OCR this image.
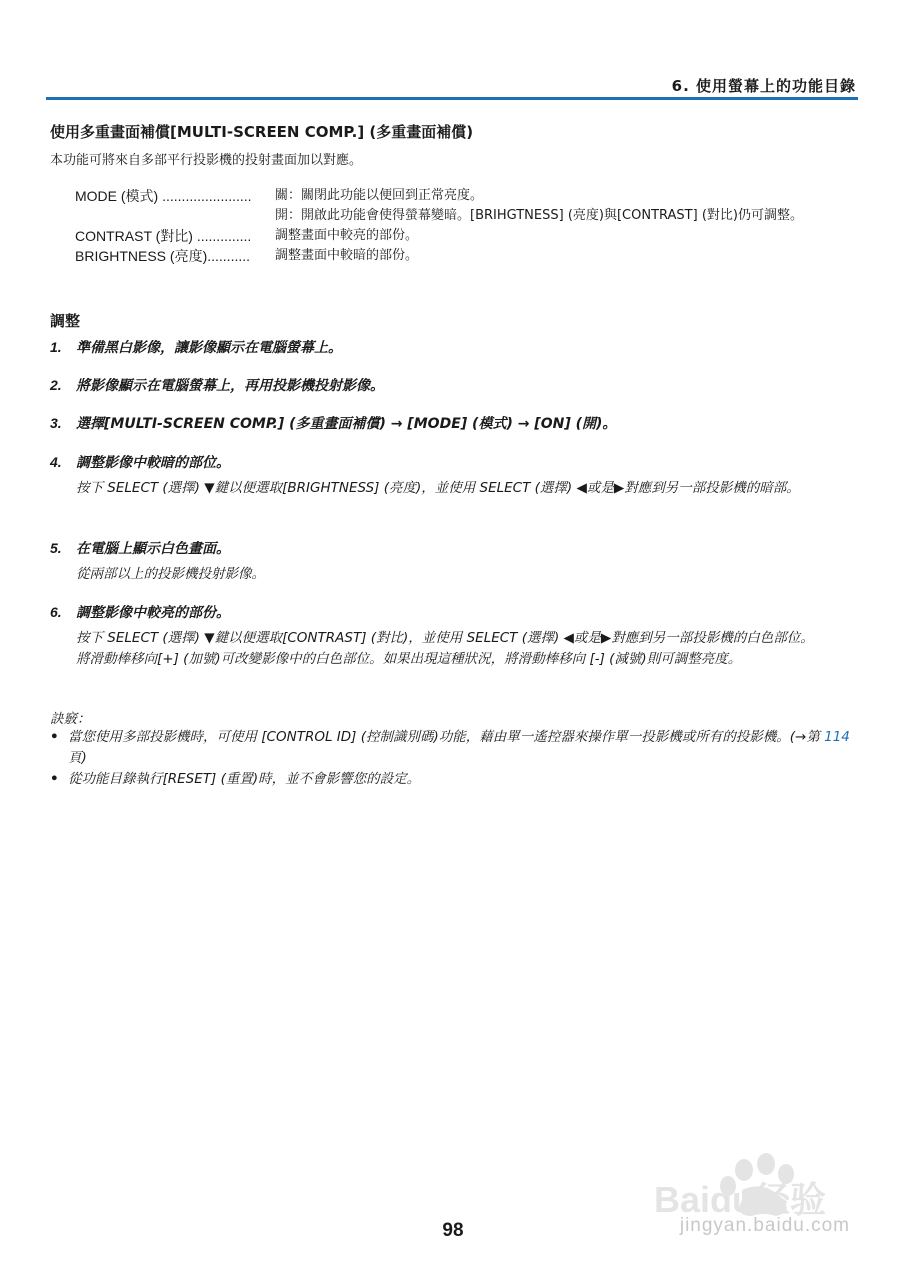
6. 使用螢幕上的功能目錄
使用多重畫面補償[MULTI-SCREEN COMP.] (多重畫面補償)
本功能可將來自多部平行投影機的投射畫面加以對應。
MODE (模式) .......................	關：關閉此功能以便回到正常亮度。
開：開啟此功能會使得螢幕變暗。[BRIHGTNESS] (亮度)與[CONTRAST] (對比)仍可調整。
CONTRAST (對比) ..............	調整畫面中較亮的部份。
BRIGHTNESS (亮度)...........	調整畫面中較暗的部份。
調整
1. 準備黑白影像，讓影像顯示在電腦螢幕上。
2. 將影像顯示在電腦螢幕上，再用投影機投射影像。
3. 選擇[MULTI-SCREEN COMP.] (多重畫面補償) → [MODE] (模式) → [ON] (開)。
4. 調整影像中較暗的部位。
按下 SELECT (選擇) ▼鍵以便選取[BRIGHTNESS] (亮度)，並使用 SELECT (選擇) ◀或是▶對應到另一部投影機的暗部。
5. 在電腦上顯示白色畫面。
從兩部以上的投影機投射影像。
6. 調整影像中較亮的部份。
按下 SELECT (選擇) ▼鍵以便選取[CONTRAST] (對比)，並使用 SELECT (選擇) ◀或是▶對應到另一部投影機的白色部位。
將滑動棒移向[+] (加號)可改變影像中的白色部位。如果出現這種狀況，將滑動棒移向 [-] (減號)則可調整亮度。
訣竅：
• 當您使用多部投影機時，可使用 [CONTROL ID] (控制識別碼)功能，藉由單一遙控器來操作單一投影機或所有的投影機。(→第 114 頁)
• 從功能目錄執行[RESET] (重置)時，並不會影響您的設定。
Baidu经验
jingyan.baidu.com
98
